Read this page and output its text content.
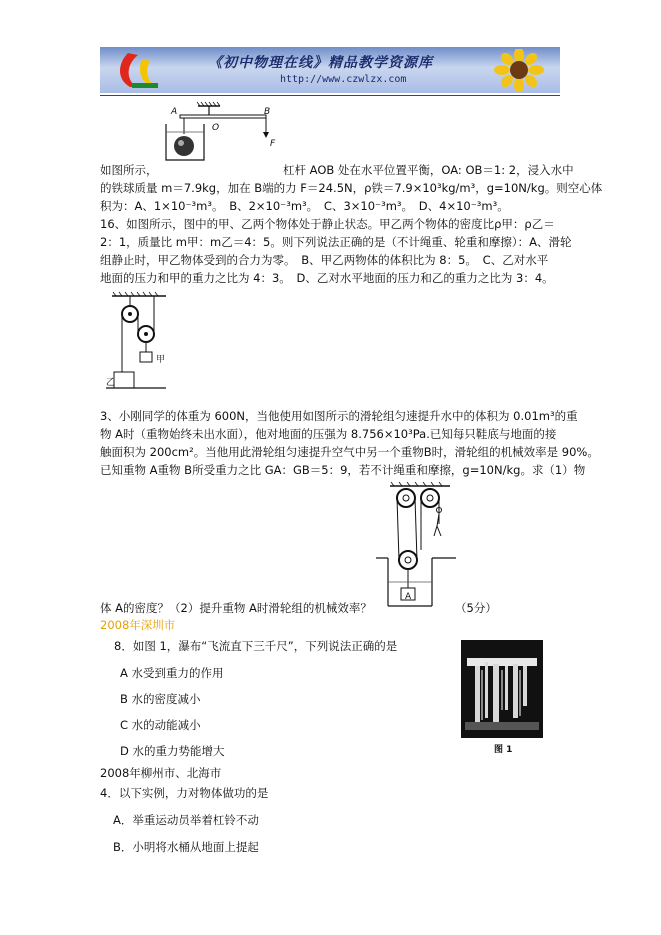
《初中物理在线》精品教学资源库
http://www.czwlzx.com
A
O
B
F
如图所示，	杠杆 AOB 处在水平位置平衡，OA: OB＝1: 2，浸入水中
的铁球质量 m＝7.9kg，加在 B端的力 F＝24.5N，ρ铁＝7.9×10³kg/m³，g=10N/kg。则空心体
积为：A、1×10⁻³m³。　B、2×10⁻³m³。　C、3×10⁻³m³。　D、4×10⁻³m³。
16、如图所示，图中的甲、乙两个物体处于静止状态。甲乙两个物体的密度比ρ甲：ρ乙＝
2：1，质量比 m甲：m乙＝4：5。则下列说法正确的是（不计绳重、轮重和摩擦）：A、滑轮
组静止时，甲乙物体受到的合力为零。　B、甲乙两物体的体积比为 8：5。　C、乙对水平
地面的压力和甲的重力之比为 4：3。　D、乙对水平地面的压力和乙的重力之比为 3：4。
甲
乙
3、小刚同学的体重为 600N，当他使用如图所示的滑轮组匀速提升水中的体积为 0.01m³的重
物 A时（重物始终未出水面），他对地面的压强为 8.756×10³Pa.已知每只鞋底与地面的接
触面积为 200cm²。当他用此滑轮组匀速提升空气中另一个重物B时，滑轮组的机械效率是 90%。
已知重物 A重物 B所受重力之比 GA：GB＝5：9，若不计绳重和摩擦，g=10N/kg。求（1）物
A
体 A的密度？（2）提升重物 A时滑轮组的机械效率？	（5分）
2008年深圳市
8．如图 1，瀑布“飞流直下三千尺”，下列说法正确的是
A 水受到重力的作用
B 水的密度减小
C 水的动能减小
D 水的重力势能增大	图 1
2008年柳州市、北海市
4．以下实例，力对物体做功的是
A．举重运动员举着杠铃不动
B．小明将水桶从地面上提起
